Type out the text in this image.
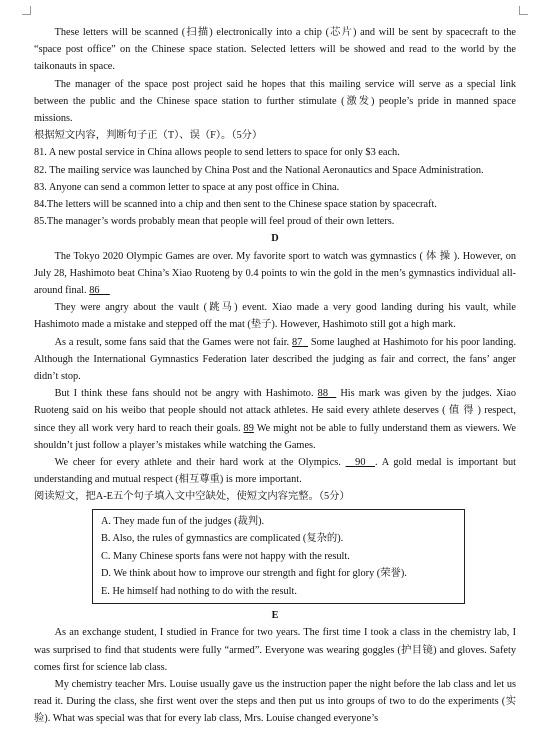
These letters will be scanned (扫描) electronically into a chip (芯片) and will be sent by spacecraft to the “space post office” on the Chinese space station. Selected letters will be showed and read to the world by the taikonauts in space.

The manager of the space post project said he hopes that this mailing service will serve as a special link between the public and the Chinese space station to further stimulate (激发) people’s pride in manned space missions.

根据短文内容，判断句子正（T）、误（F）。（5分）

81. A new postal service in China allows people to send letters to space for only $3 each.

82. The mailing service was launched by China Post and the National Aeronautics and Space Administration.

83. Anyone can send a common letter to space at any post office in China.

84.The letters will be scanned into a chip and then sent to the Chinese space station by spacecraft.

85.The manager’s words probably mean that people will feel proud of their own letters.

D

The Tokyo 2020 Olympic Games are over. My favorite sport to watch was gymnastics ( 体 操 ). However, on July 28, Hashimoto beat China’s Xiao Ruoteng by 0.4 points to win the gold in the men’s gymnastics individual all-around final. 86

They were angry about the vault (跳马) event. Xiao made a very good landing during his vault, while Hashimoto made a mistake and stepped off the mat (垫子). However, Hashimoto still got a high mark.

As a result, some fans said that the Games were not fair. 87 Some laughed at Hashimoto for his poor landing. Although the International Gymnastics Federation later described the judging as fair and correct, the fans’ anger didn’t stop.

But I think these fans should not be angry with Hashimoto. 88 His mark was given by the judges. Xiao Ruoteng said on his weibo that people should not attack athletes. He said every athlete deserves ( 值 得 ) respect, since they all work very hard to reach their goals. 89 We might not be able to fully understand them as viewers. We shouldn’t just follow a player’s mistakes while watching the Games.

We cheer for every athlete and their hard work at the Olympics. 90 . A gold medal is important but understanding and mutual respect (相互尊重) is more important.

阅读短文，把A-E五个句子填入文中空缺处，使短文内容完整。（5分）

A. They made fun of the judges (裁判).
B. Also, the rules of gymnastics are complicated (复杂的).
C. Many Chinese sports fans were not happy with the result.
D. We think about how to improve our strength and fight for glory (荣誉).
E. He himself had nothing to do with the result.

E

As an exchange student, I studied in France for two years. The first time I took a class in the chemistry lab, I was surprised to find that students were fully “armed”. Everyone was wearing goggles (护目镜) and gloves. Safety comes first for science lab class.

My chemistry teacher Mrs. Louise usually gave us the instruction paper the night before the lab class and let us read it. During the class, she first went over the steps and then put us into groups of two to do the experiments (实验). What was special was that for every lab class, Mrs. Louise changed everyone’s
